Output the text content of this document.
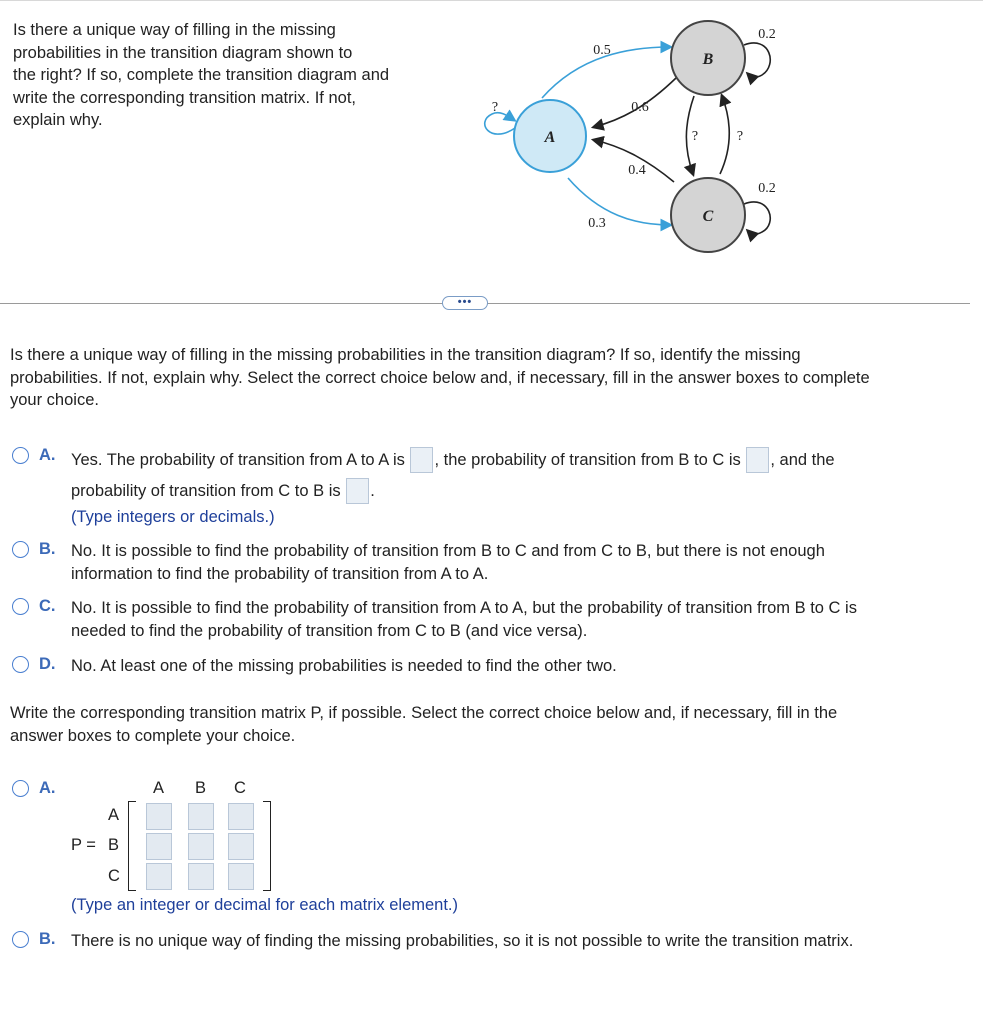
Is there a unique way of filling in the missing
probabilities in the transition diagram shown to
the right? If so, complete the transition diagram and
write the corresponding transition matrix. If not,
explain why.

A
B
C
?
0.5
0.6
0.4
0.3
0.2
0.2
?	?
•••

Is there a unique way of filling in the missing probabilities in the transition diagram? If so, identify the missing
probabilities. If not, explain why. Select the correct choice below and, if necessary, fill in the answer boxes to complete
your choice.

A. Yes. The probability of transition from A to A is , the probability of transition from B to C is , and the

probability of transition from C to B is .

(Type integers or decimals.)

B. No. It is possible to find the probability of transition from B to C and from C to B, but there is not enough
information to find the probability of transition from A to A.

C. No. It is possible to find the probability of transition from A to A, but the probability of transition from B to C is
needed to find the probability of transition from C to B (and vice versa).

D. No. At least one of the missing probabilities is needed to find the other two.

Write the corresponding transition matrix P, if possible. Select the correct choice below and, if necessary, fill in the
answer boxes to complete your choice.

A.	A B C
A
B
C
P =

(Type an integer or decimal for each matrix element.)

B. There is no unique way of finding the missing probabilities, so it is not possible to write the transition matrix.
